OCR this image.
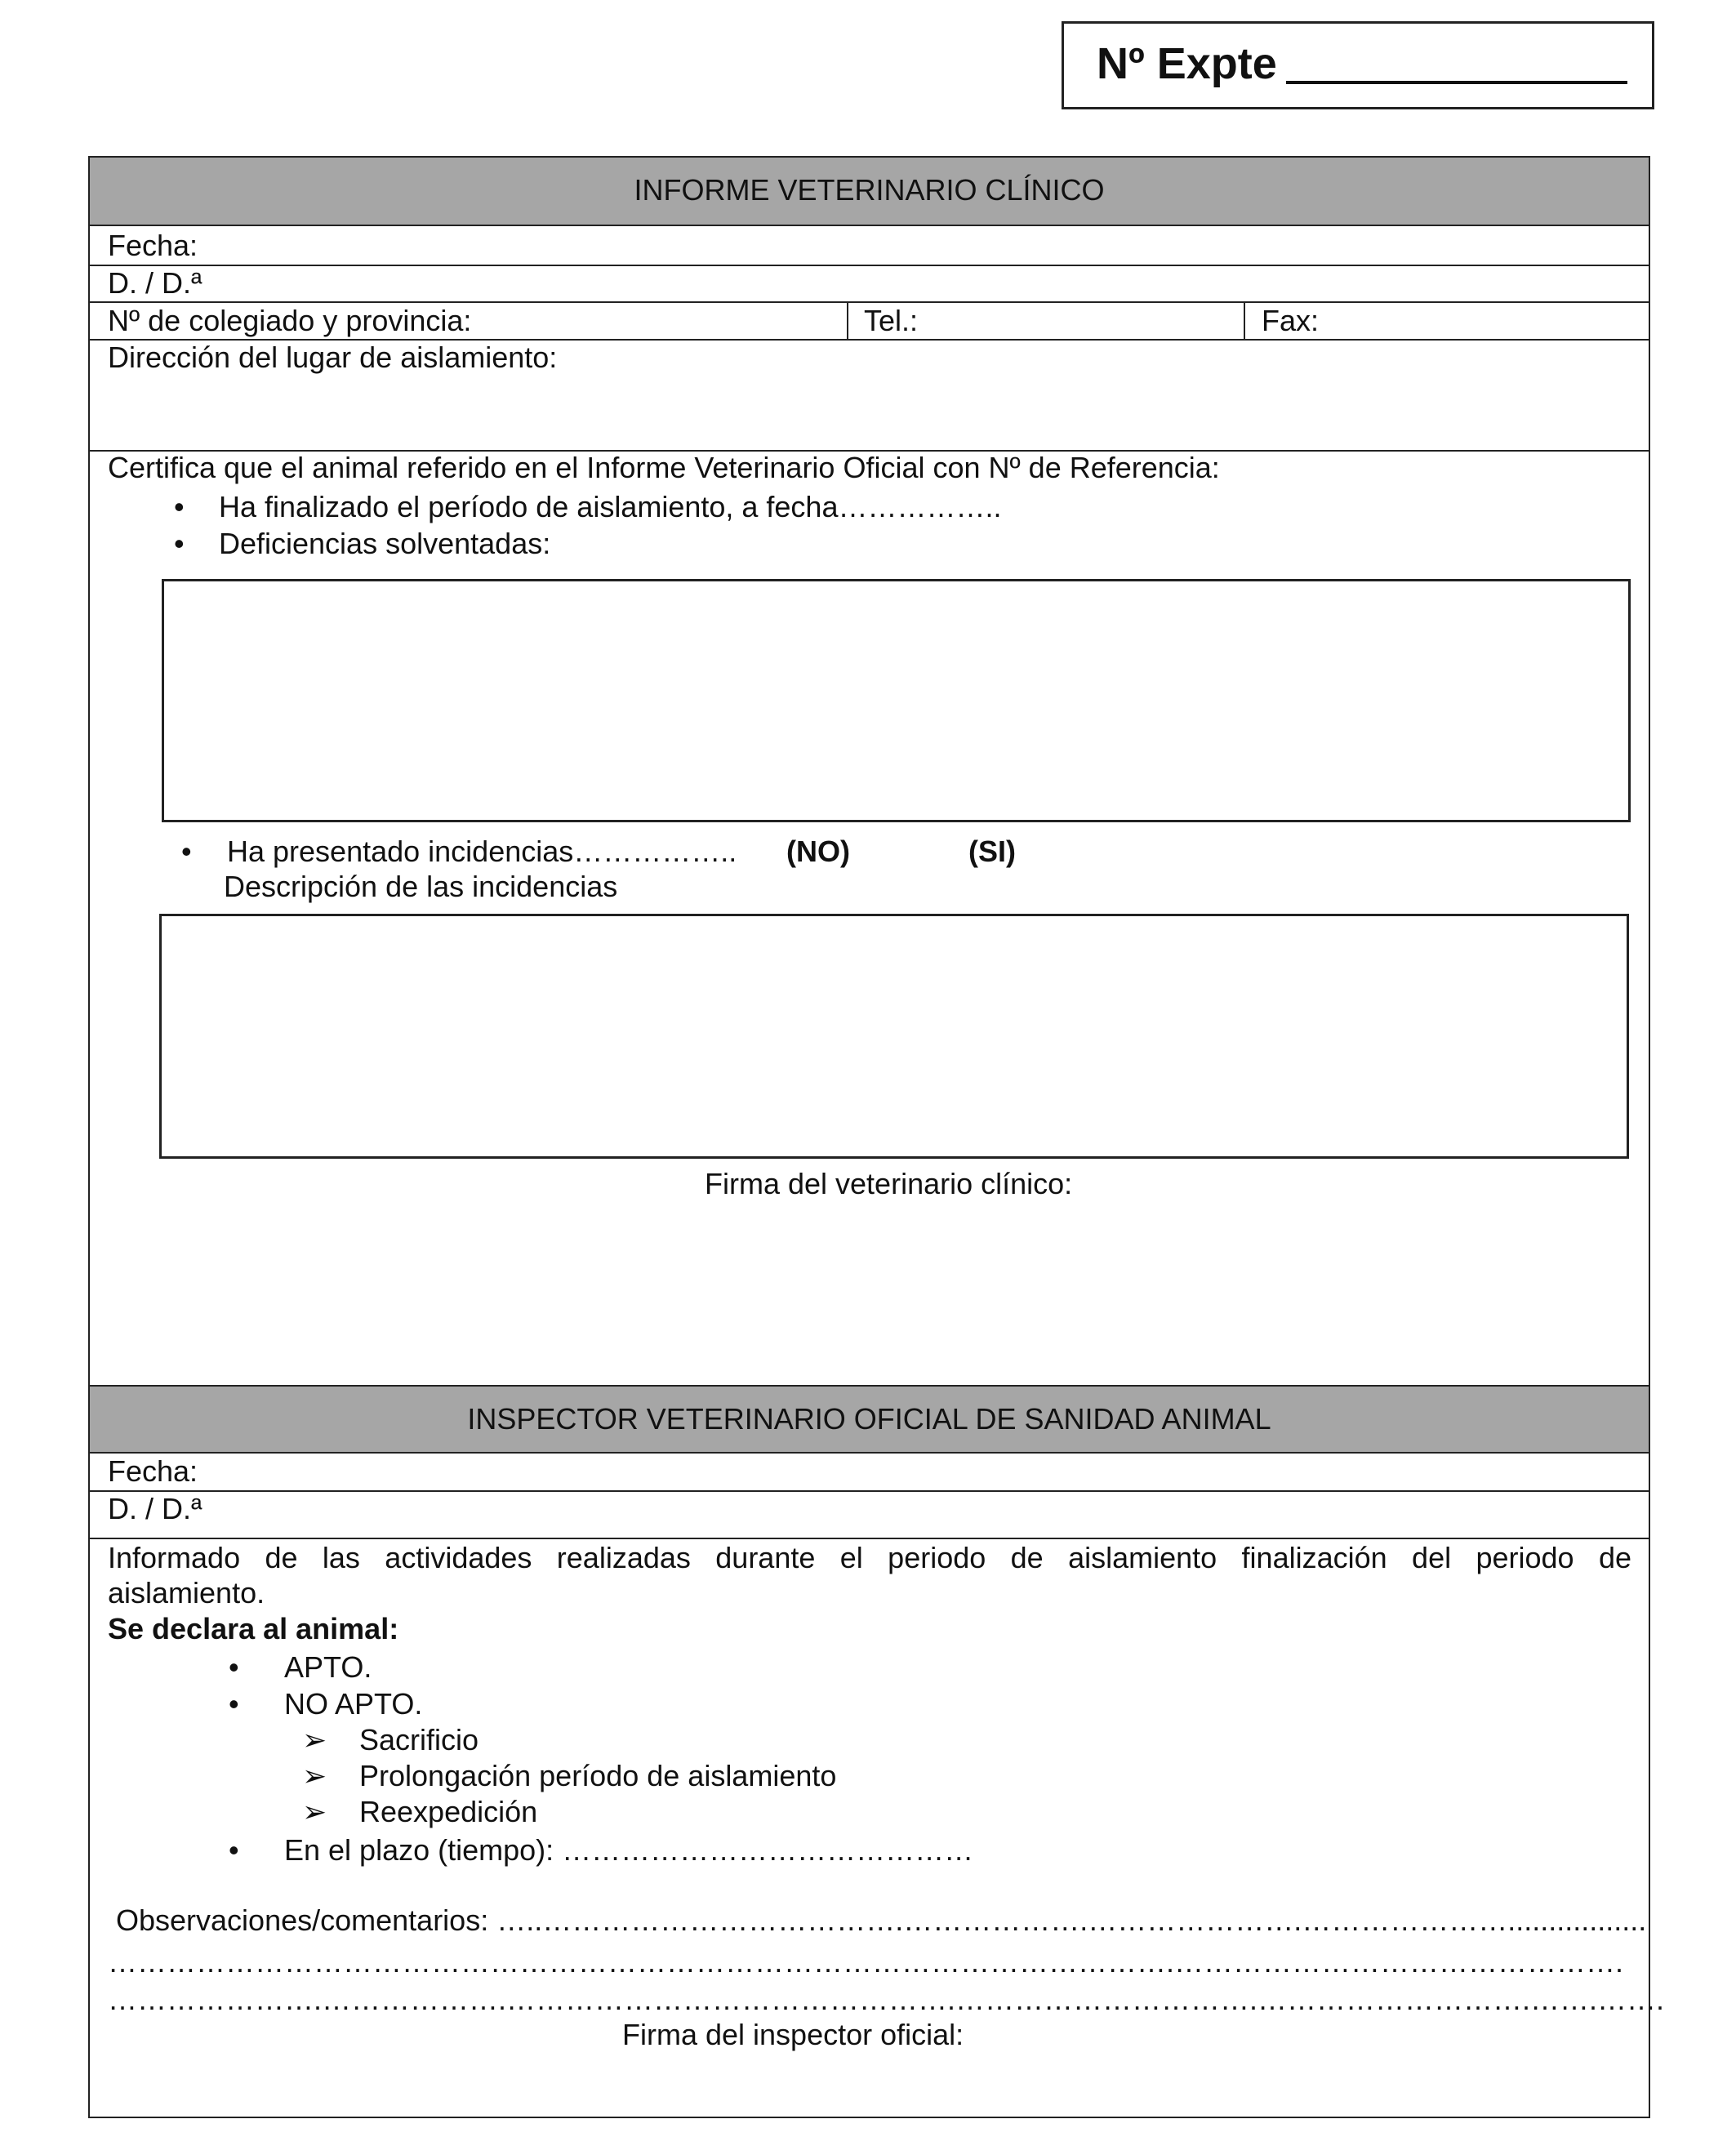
Nº Expte
INFORME VETERINARIO CLÍNICO
Fecha:
D. / D.ª
Nº de colegiado y provincia:	Tel.:	Fax:
Dirección del lugar de aislamiento:
Certifica que el animal referido en el Informe Veterinario Oficial con Nº de Referencia:
• Ha finalizado el período de aislamiento, a fecha……………..
• Deficiencias solventadas:
• Ha presentado incidencias…………….. (NO)	(SI)
Descripción de las incidencias
Firma del veterinario clínico:
INSPECTOR VETERINARIO OFICIAL DE SANIDAD ANIMAL
Fecha:
D. / D.ª
Informado de las actividades realizadas durante el periodo de aislamiento finalización del periodo de
aislamiento.
Se declara al animal:
• APTO.
• NO APTO.
➢ Sacrificio
➢ Prolongación período de aislamiento
➢ Reexpedición
• En el plazo (tiempo): ……………………………………
Observaciones/comentarios: …..……………………………….……………….………………….………………….................
……………………………………………………………………………………………….……………………………………….
………………….……………….……………………………………….………………………….……………………….…….…….
Firma del inspector oficial:
